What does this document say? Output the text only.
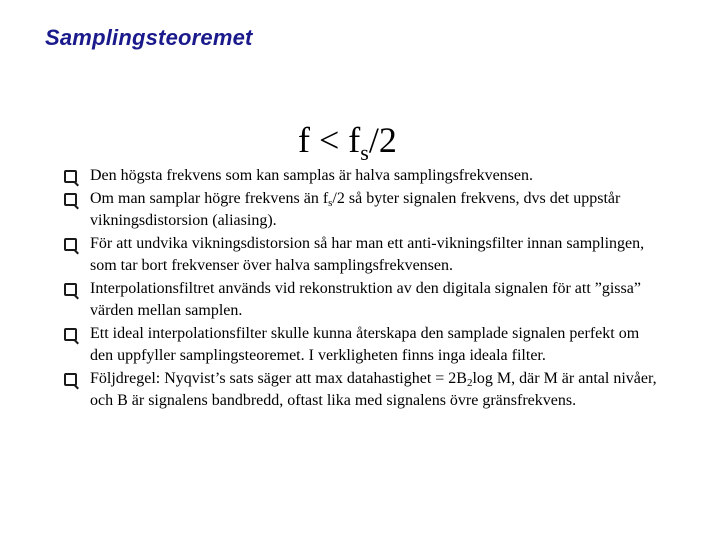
Samplingsteoremet
$f < f_s/2$
Den högsta frekvens som kan samplas är halva samplingsfrekvensen.
Om man samplar högre frekvens än $f_s/2$ så byter signalen frekvens, dvs det uppstår vikningsdistorsion (aliasing).
För att undvika vikningsdistorsion så har man ett anti-vikningsfilter innan samplingen, som tar bort frekvenser över halva samplingsfrekvensen.
Interpolationsfiltret används vid rekonstruktion av den digitala signalen för att ”gissa” värden mellan samplen.
Ett ideal interpolationsfilter skulle kunna återskapa den samplade signalen perfekt om den uppfyller samplingsteoremet. I verkligheten finns inga ideala filter.
Följdregel: Nyqvist’s sats säger att max datahastighet = $2B_2\log$ M, där M är antal nivåer, och B är signalens bandbredd, oftast lika med signalens övre gränsfrekvens.
